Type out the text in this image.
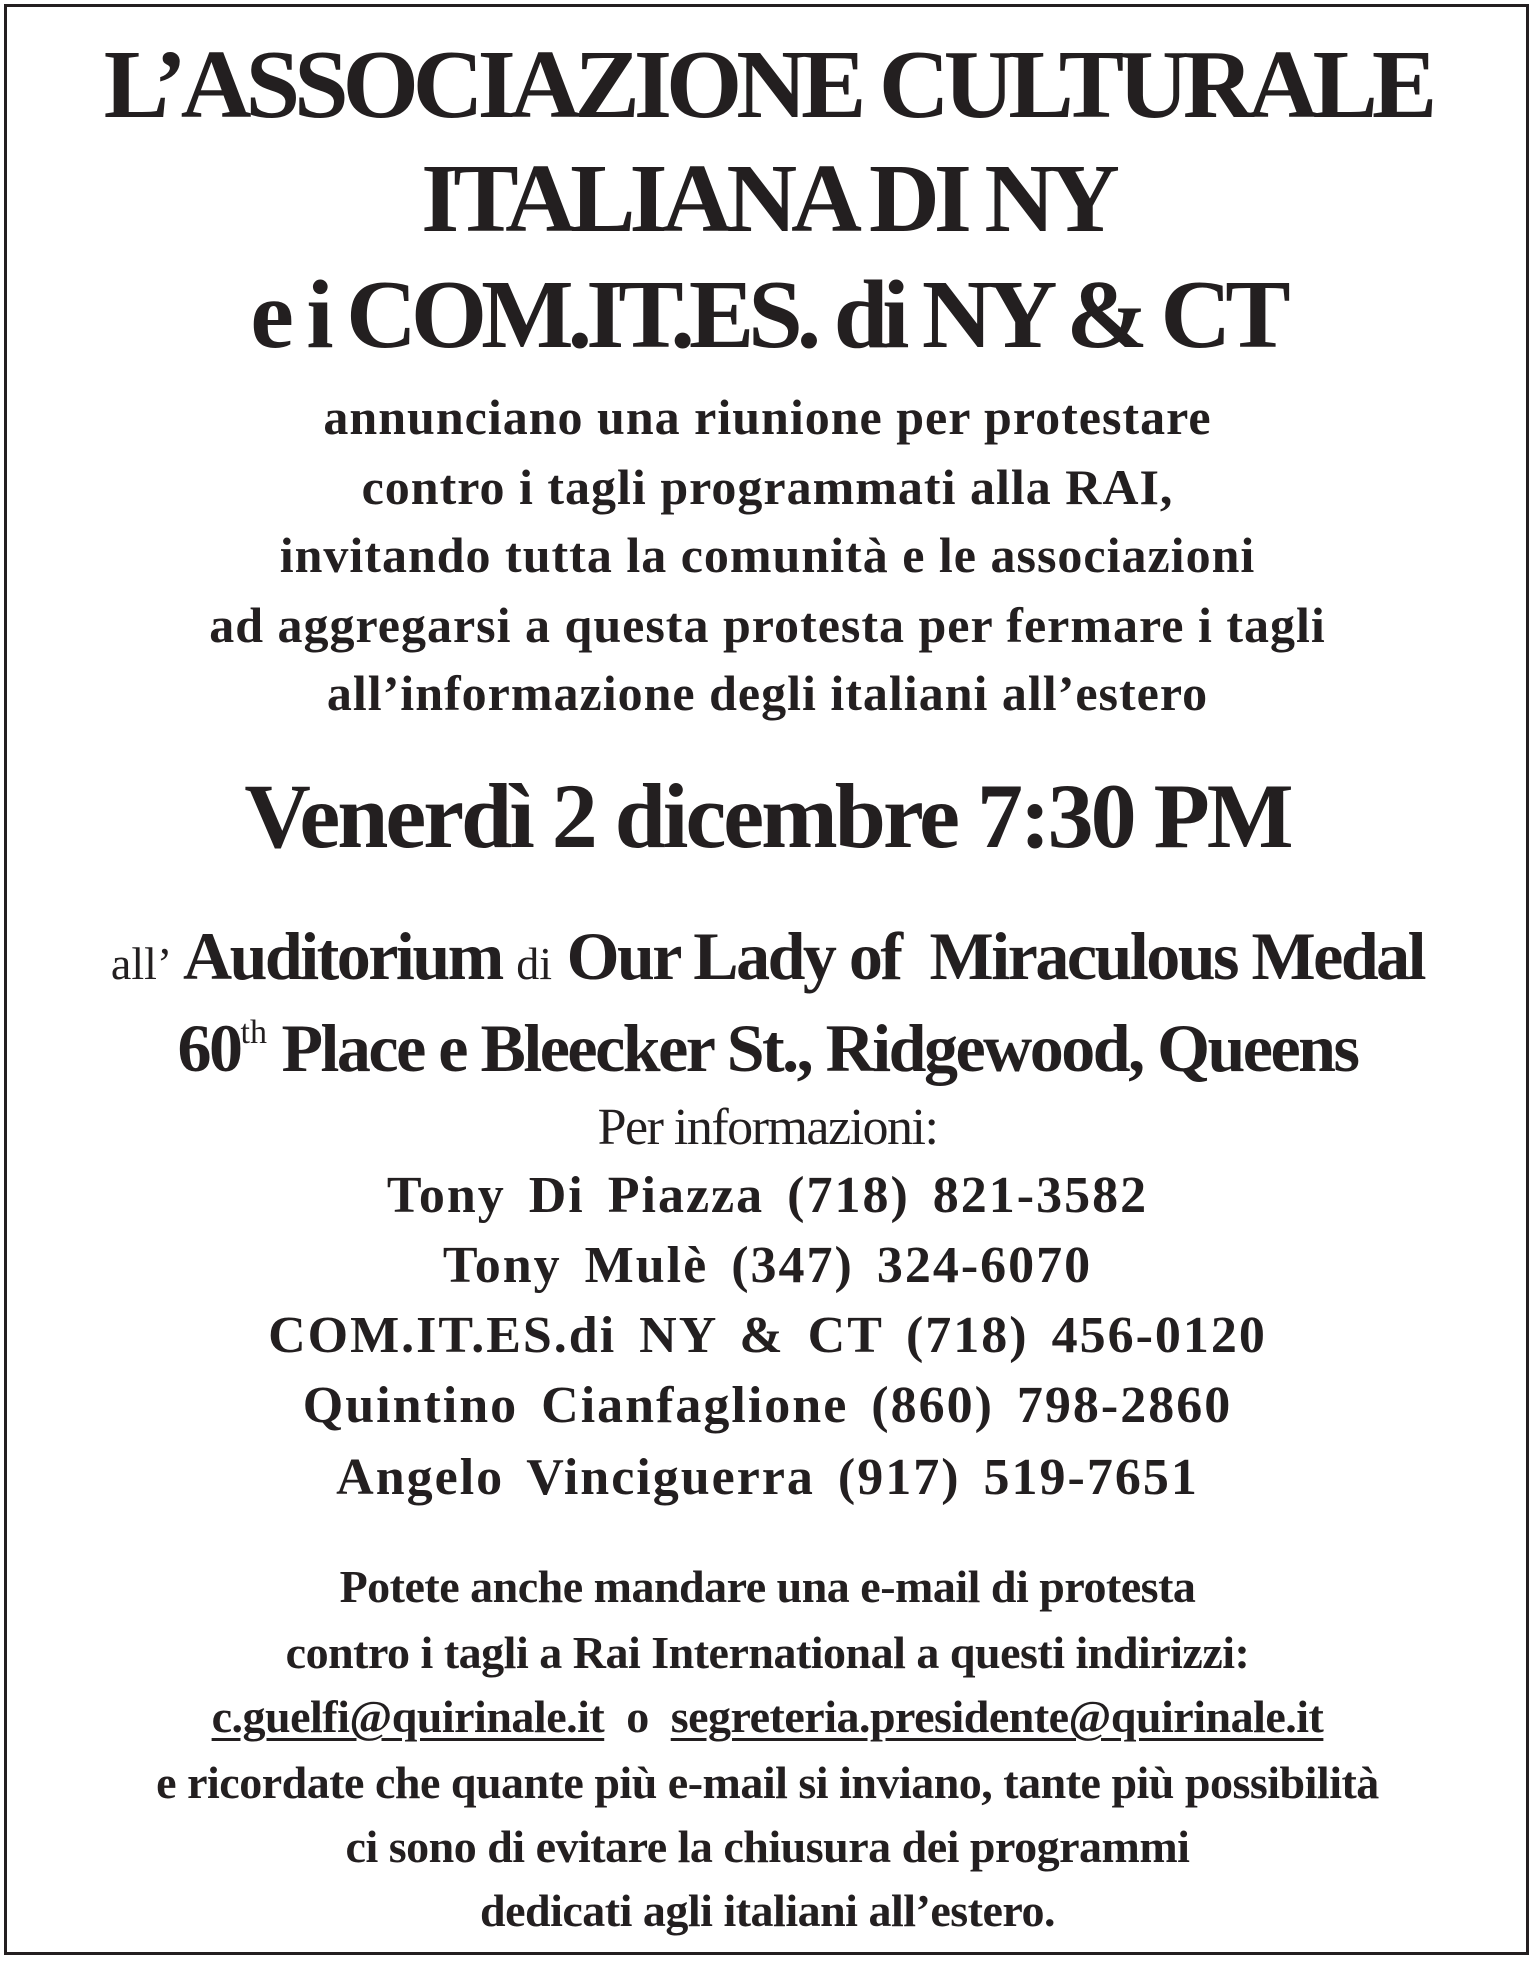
L’ASSOCIAZIONE CULTURALE
ITALIANA DI NY
e i COM.IT.ES. di NY & CT
annunciano una riunione per protestare
contro i tagli programmati alla RAI,
invitando tutta la comunità e le associazioni
ad aggregarsi a questa protesta per fermare i tagli
all’informazione degli italiani all’estero
Venerdì 2 dicembre 7:30 PM
all’ Auditorium di Our Lady of  Miraculous Medal
60th Place e Bleecker St., Ridgewood, Queens
Per informazioni:
Tony Di Piazza (718) 821-3582
Tony Mulè (347) 324-6070
COM.IT.ES.di NY & CT (718) 456-0120
Quintino Cianfaglione (860) 798-2860
Angelo Vinciguerra (917) 519-7651
Potete anche mandare una e-mail di protesta
contro i tagli a Rai International a questi indirizzi:
c.guelfi@quirinale.it o segreteria.presidente@quirinale.it
e ricordate che quante più e-mail si inviano, tante più possibilità
ci sono di evitare la chiusura dei programmi
dedicati agli italiani all’estero.
